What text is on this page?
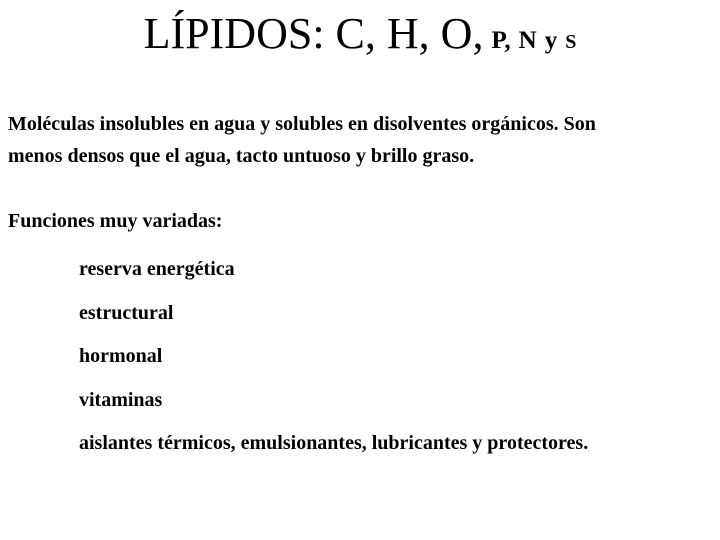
LÍPIDOS: C, H, O, P, N y S
Moléculas insolubles en agua y solubles en disolventes orgánicos. Son
menos densos que el agua, tacto untuoso y brillo graso.
Funciones muy variadas:
reserva energética
estructural
hormonal
vitaminas
aislantes térmicos, emulsionantes, lubricantes y protectores.
